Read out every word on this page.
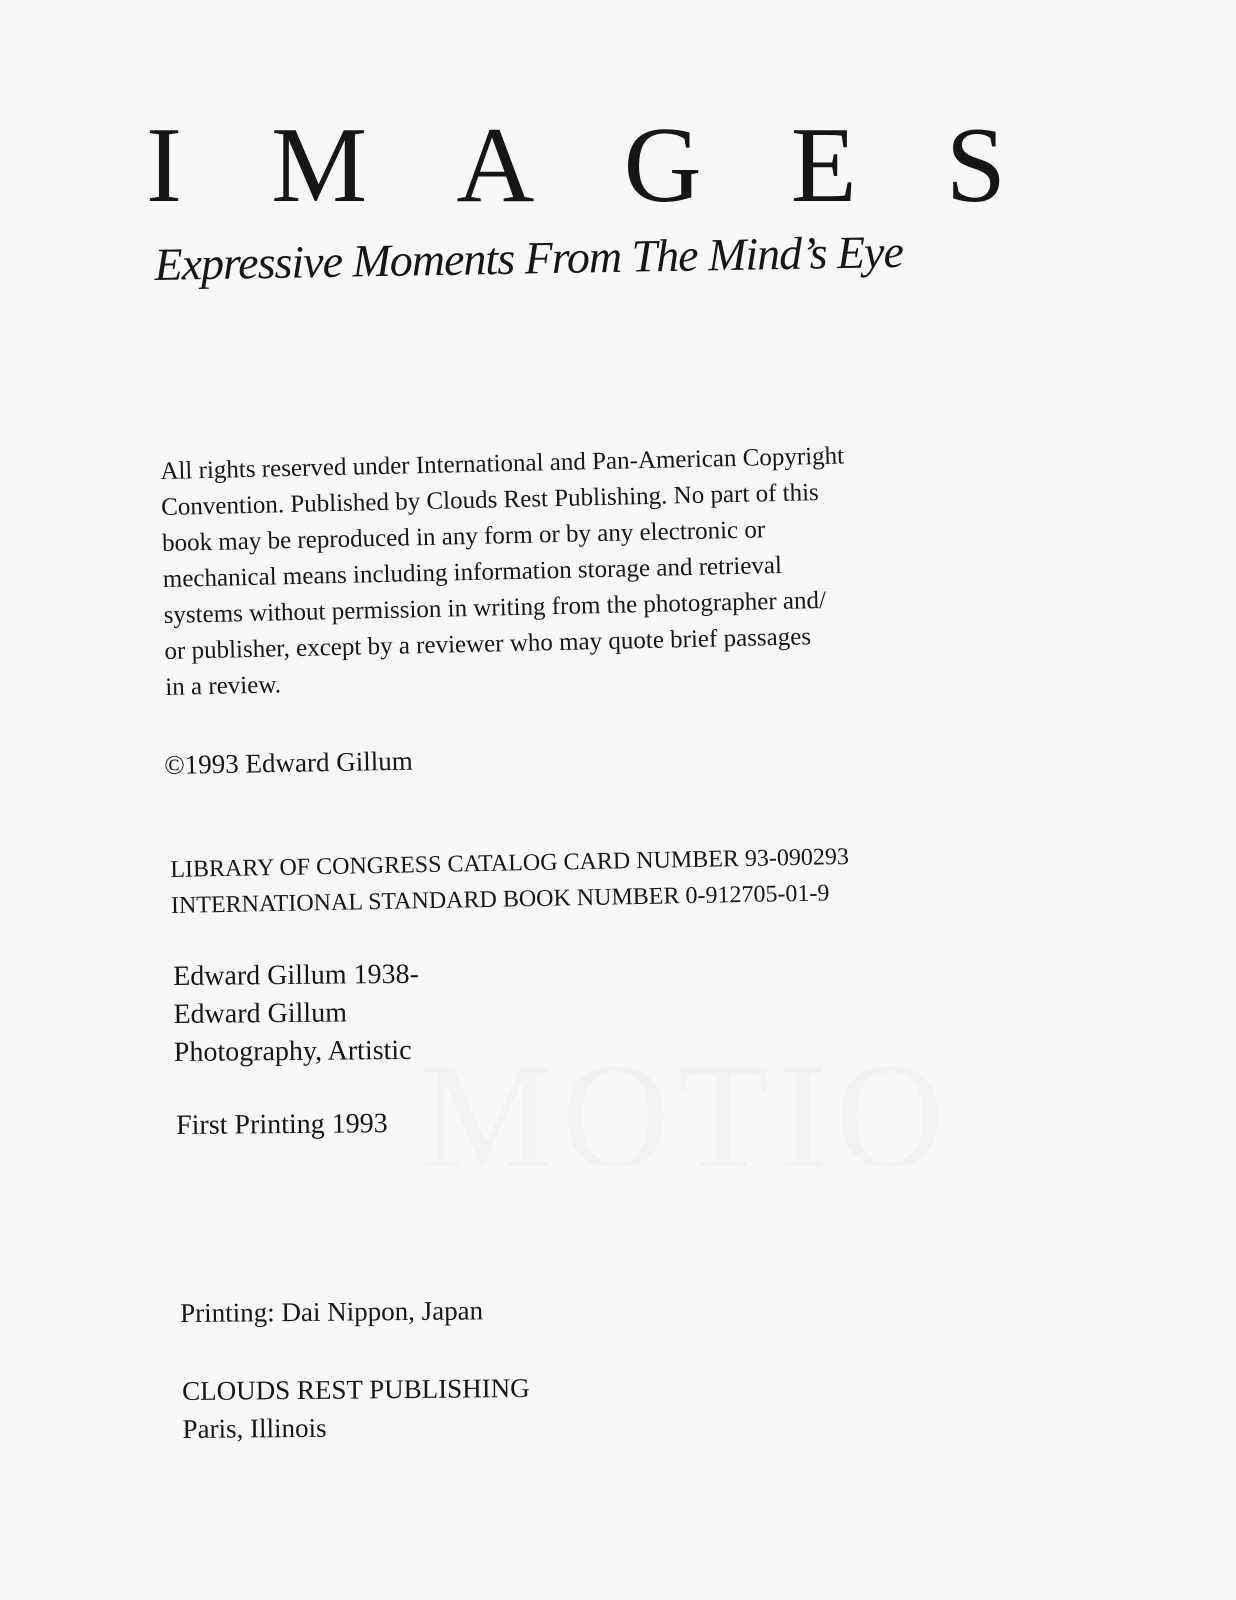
I M A G E S
Expressive Moments From The Mind’s Eye
All rights reserved under International and Pan-American Copyright
Convention. Published by Clouds Rest Publishing. No part of this
book may be reproduced in any form or by any electronic or
mechanical means including information storage and retrieval
systems without permission in writing from the photographer and/
or publisher, except by a reviewer who may quote brief passages
in a review.
©1993 Edward Gillum
LIBRARY OF CONGRESS CATALOG CARD NUMBER 93-090293
INTERNATIONAL STANDARD BOOK NUMBER 0-912705-01-9
Edward Gillum 1938-
Edward Gillum
Photography, Artistic
First Printing 1993
Printing: Dai Nippon, Japan
CLOUDS REST PUBLISHING
Paris, Illinois
